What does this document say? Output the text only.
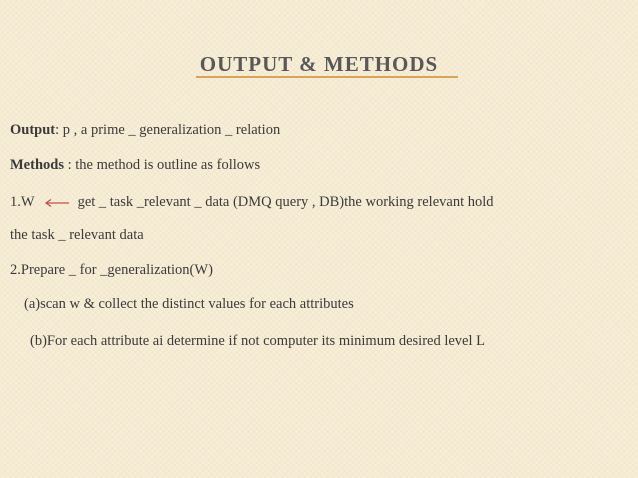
OUTPUT & METHODS
Output: p , a prime _ generalization _ relation
Methods : the method is outline as follows
1.W	get _ task _relevant _ data (DMQ query , DB)the working relevant hold
the task _ relevant data
2.Prepare _ for _generalization(W)
(a)scan w & collect the distinct values for each attributes
(b)For each attribute ai determine if not computer its minimum desired level L
